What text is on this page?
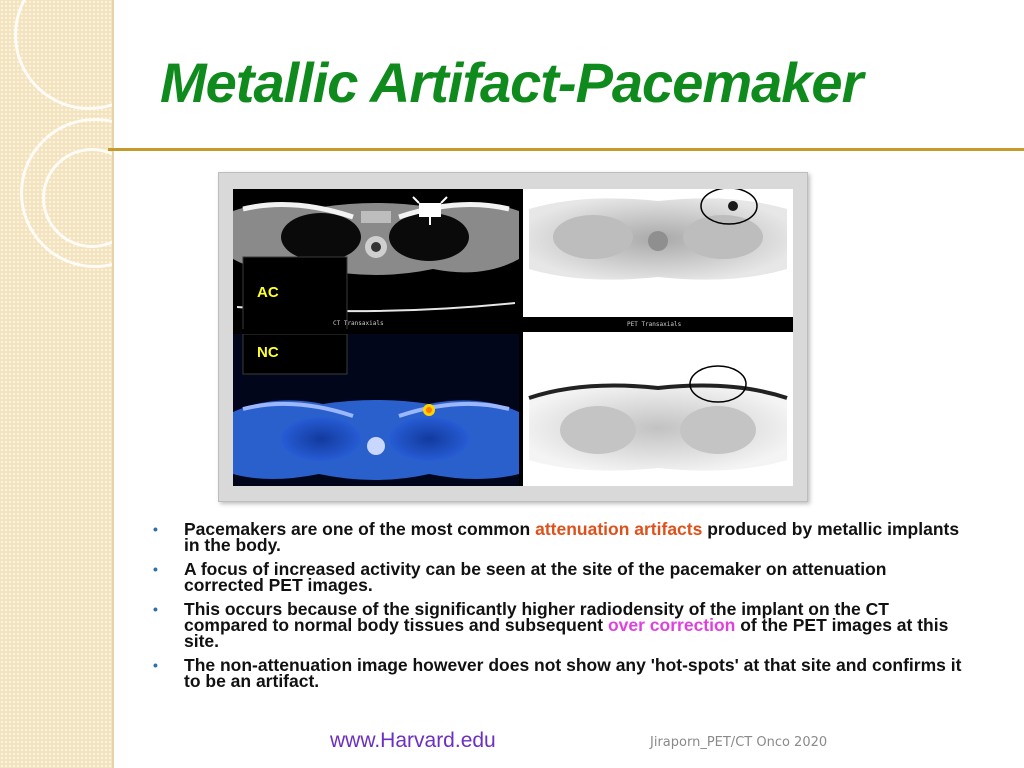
Metallic Artifact-Pacemaker
AC
CT Transaxials
NC
PET Transaxials
• Pacemakers are one of the most common attenuation artifacts produced by metallic implants in the body.
• A focus of increased activity can be seen at the site of the pacemaker on attenuation corrected PET images.
• This occurs because of the significantly higher radiodensity of the implant on the CT compared to normal body tissues and subsequent over correction of the PET images at this site.
• The non-attenuation image however does not show any 'hot-spots' at that site and confirms it to be an artifact.
www.Harvard.edu	Jiraporn_PET/CT Onco 2020
